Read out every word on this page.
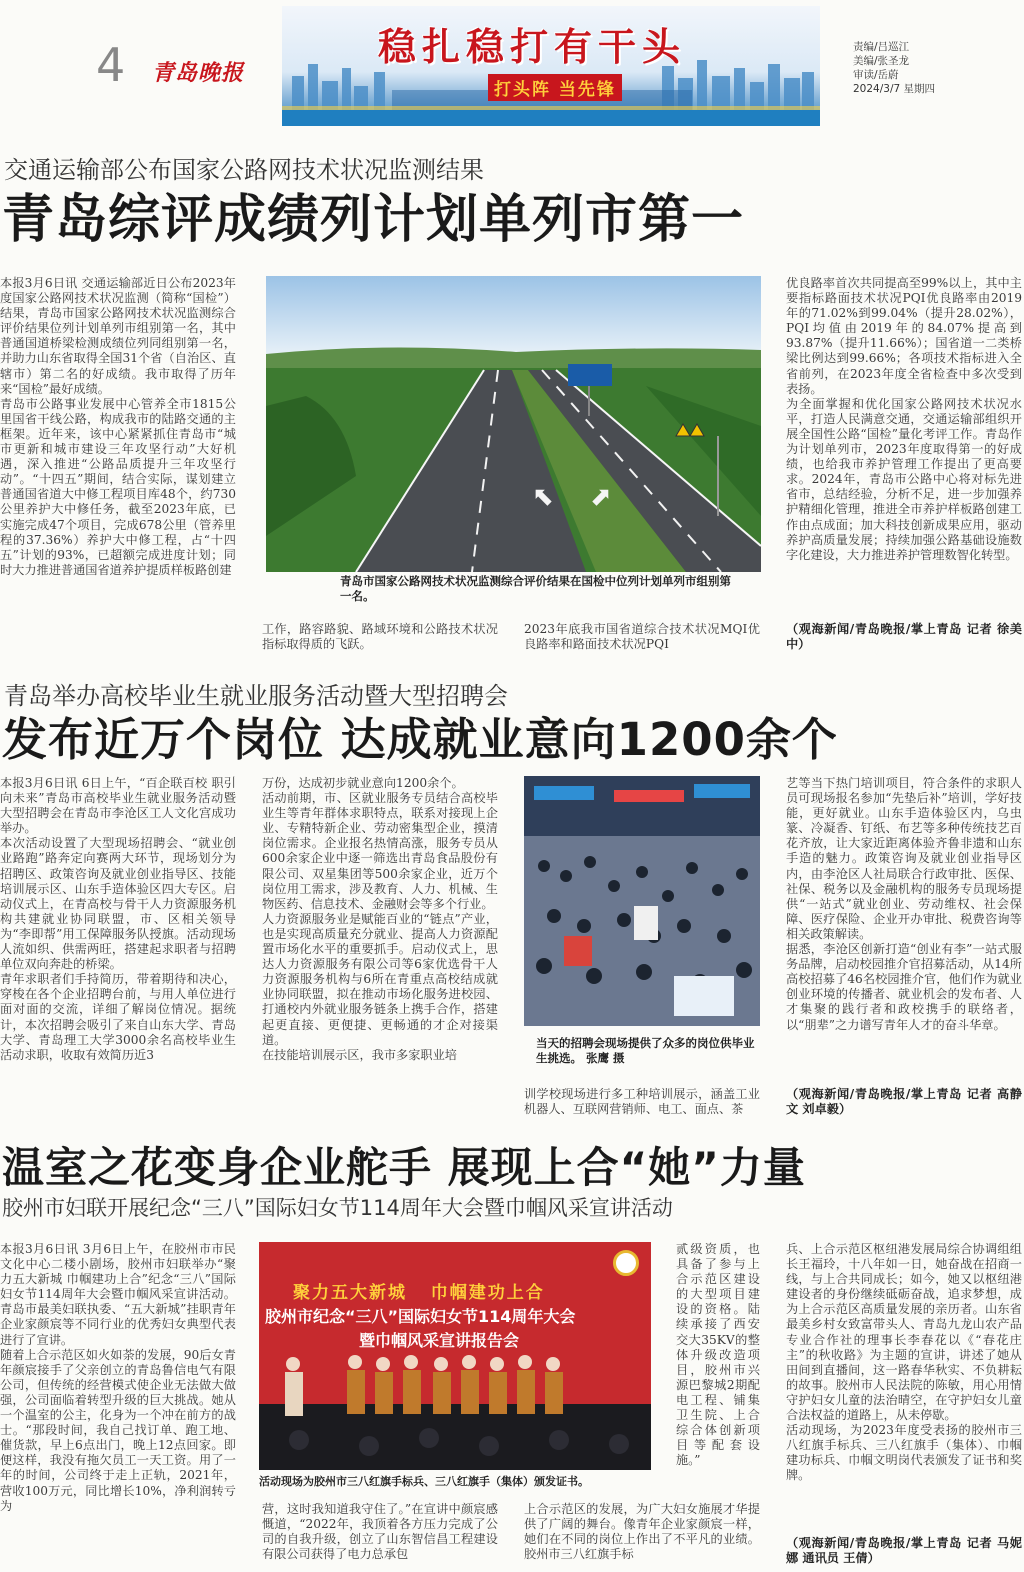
4 青岛晚报
稳扎稳打有干头
打头阵 当先锋
责编/吕巡江
美编/张圣龙
审读/岳蔚
2024/3/7 星期四
交通运输部公布国家公路网技术状况监测结果
青岛综评成绩列计划单列市第一
本报3月6日讯 交通运输部近日公布2023年度国家公路网技术状况监测（简称“国检”）结果，青岛市国家公路网技术状况监测综合评价结果位列计划单列市组别第一名，其中普通国道桥梁检测成绩位列同组别第一名，并助力山东省取得全国31个省（自治区、直辖市）第二名的好成绩。我市取得了历年来“国检”最好成绩。
青岛市公路事业发展中心管养全市1815公里国省干线公路，构成我市的陆路交通的主框架。近年来，该中心紧紧抓住青岛市“城市更新和城市建设三年攻坚行动”大好机遇，深入推进“公路品质提升三年攻坚行动”。“十四五”期间，结合实际，谋划建立普通国省道大中修工程项目库48个，约730公里养护大中修任务，截至2023年底，已实施完成47个项目，完成678公里（管养里程的37.36%）养护大中修工程，占“十四五”计划的93%，已超额完成进度计划；同时大力推进普通国省道养护提质样板路创建
⬉ ⬈
青岛市国家公路网技术状况监测综合评价结果在国检中位列计划单列市组别第一名。
工作，路容路貌、路域环境和公路技术状况指标取得质的飞跃。
2023年底我市国省道综合技术状况MQI优良路率和路面技术状况PQI
优良路率首次共同提高至99%以上，其中主要指标路面技术状况PQI优良路率由2019年的71.02%到99.04%（提升28.02%），PQI均值由2019年的84.07%提高到93.87%（提升11.66%）；国省道一二类桥梁比例达到99.66%；各项技术指标进入全省前列，在2023年度全省检查中多次受到表扬。
为全面掌握和优化国家公路网技术状况水平，打造人民满意交通，交通运输部组织开展全国性公路“国检”量化考评工作。青岛作为计划单列市，2023年度取得第一的好成绩，也给我市养护管理工作提出了更高要求。2024年，青岛市公路中心将对标先进省市，总结经验，分析不足，进一步加强养护精细化管理，推进全市养护样板路创建工作由点成面；加大科技创新成果应用，驱动养护高质量发展；持续加强公路基础设施数字化建设，大力推进养护管理数智化转型。
（观海新闻/青岛晚报/掌上青岛 记者 徐美中）
青岛举办高校毕业生就业服务活动暨大型招聘会
发布近万个岗位 达成就业意向1200余个
本报3月6日讯 6日上午，“百企联百校 职引向未来”青岛市高校毕业生就业服务活动暨大型招聘会在青岛市李沧区工人文化宫成功举办。
本次活动设置了大型现场招聘会、“就业创业路跑”路奔定向赛两大环节，现场划分为招聘区、政策咨询及就业创业指导区、技能培训展示区、山东手造体验区四大专区。启动仪式上，在青高校与骨干人力资源服务机构共建就业协同联盟，市、区相关领导为“李即帮”用工保障服务队授旗。活动现场人流如织、供需两旺，搭建起求职者与招聘单位双向奔赴的桥梁。
青年求职者们手持简历，带着期待和决心，穿梭在各个企业招聘台前，与用人单位进行面对面的交流，详细了解岗位情况。据统计，本次招聘会吸引了来自山东大学、青岛大学、青岛理工大学3000余名高校毕业生活动求职，收取有效简历近3
万份，达成初步就业意向1200余个。
活动前期，市、区就业服务专员结合高校毕业生等青年群体求职特点，联系对接现上企业、专精特新企业、劳动密集型企业，摸清岗位需求。企业报名热情高涨，服务专员从600余家企业中逐一筛选出青岛食品股份有限公司、双星集团等500余家企业，近万个岗位用工需求，涉及教育、人力、机械、生物医药、信息技术、金融财会等多个行业。
人力资源服务业是赋能百业的“链点”产业，也是实现高质量充分就业、提高人力资源配置市场化水平的重要抓手。启动仪式上，思达人力资源服务有限公司等6家优选骨干人力资源服务机构与6所在青重点高校结成就业协同联盟，拟在推动市场化服务进校园、打通校内外就业服务链条上携手合作，搭建起更直接、更便捷、更畅通的才企对接渠道。
在技能培训展示区，我市多家职业培
当天的招聘会现场提供了众多的岗位供毕业生挑选。 张鹰 摄
训学校现场进行多工种培训展示，涵盖工业机器人、互联网营销师、电工、面点、茶
艺等当下热门培训项目，符合条件的求职人员可现场报名参加“先垫后补”培训，学好技能，更好就业。山东手造体验区内，乌虫篆、冷凝香、钉纸、布艺等多种传统技艺百花齐放，让大家近距离体验齐鲁非遗和山东手造的魅力。政策咨询及就业创业指导区内，由李沧区人社局联合行政审批、医保、社保、税务以及金融机构的服务专员现场提供“一站式”就业创业、劳动维权、社会保障、医疗保险、企业开办审批、税费咨询等相关政策解读。
据悉，李沧区创新打造“创业有李”一站式服务品牌，启动校园推介官招募活动，从14所高校招募了46名校园推介官，他们作为就业创业环境的传播者、就业机会的发布者、人才集聚的践行者和政校携手的联络者，以“朋辈”之力谱写青年人才的奋斗华章。
（观海新闻/青岛晚报/掌上青岛 记者 高静文 刘卓毅）
温室之花变身企业舵手 展现上合“她”力量
胶州市妇联开展纪念“三八”国际妇女节114周年大会暨巾帼风采宣讲活动
本报3月6日讯 3月6日上午，在胶州市市民文化中心二楼小剧场，胶州市妇联举办“聚力五大新城 巾帼建功上合”纪念“三八”国际妇女节114周年大会暨巾帼风采宣讲活动。青岛市最美妇联执委、“五大新城”挂职青年企业家颜宸等不同行业的优秀妇女典型代表进行了宣讲。
随着上合示范区如火如荼的发展，90后女青年颜宸接手了父亲创立的青岛鲁信电气有限公司，但传统的经营模式使企业无法做大做强，公司面临着转型升级的巨大挑战。她从一个温室的公主，化身为一个冲在前方的战士。“那段时间，我自己找订单、跑工地、催货款，早上6点出门，晚上12点回家。即便这样，我没有拖欠员工一天工资。用了一年的时间，公司终于走上正轨，2021年，营收100万元，同比增长10%，净利润转亏为
聚力五大新城   巾帼建功上合
胶州市纪念“三八”国际妇女节114周年大会
暨巾帼风采宣讲报告会
活动现场为胶州市三八红旗手标兵、三八红旗手（集体）颁发证书。
营，这时我知道我守住了。”在宣讲中颜宸感慨道，“2022年，我顶着各方压力完成了公司的自我升级，创立了山东智信昌工程建设有限公司获得了电力总承包
贰级资质，也具备了参与上合示范区建设的大型项目建设的资格。陆续承接了西安交大35KV的整体升级改造项目，胶州市兴源巴黎城2期配电工程、铺集卫生院、上合综合体创新项目等配套设施。”
上合示范区的发展，为广大妇女施展才华提供了广阔的舞台。像青年企业家颜宸一样，她们在不同的岗位上作出了不平凡的业绩。胶州市三八红旗手标
兵、上合示范区枢纽港发展局综合协调组组长王福玲，十八年如一日，她奋战在招商一线，与上合共同成长；如今，她又以枢纽港建设者的身份继续砥砺奋战，追求梦想，成为上合示范区高质量发展的亲历者。山东省最美乡村女致富带头人、青岛九龙山农产品专业合作社的理事长李春花以《“春花庄主”的秋收路》为主题的宣讲，讲述了她从田间到直播间，这一路春华秋实、不负耕耘的故事。胶州市人民法院的陈敏，用心用情守护妇女儿童的法治晴空，在守护妇女儿童合法权益的道路上，从未停歇。
活动现场，为2023年度受表扬的胶州市三八红旗手标兵、三八红旗手（集体）、巾帼建功标兵、巾帼文明岗代表颁发了证书和奖牌。
（观海新闻/青岛晚报/掌上青岛 记者 马妮娜 通讯员 王倩）
